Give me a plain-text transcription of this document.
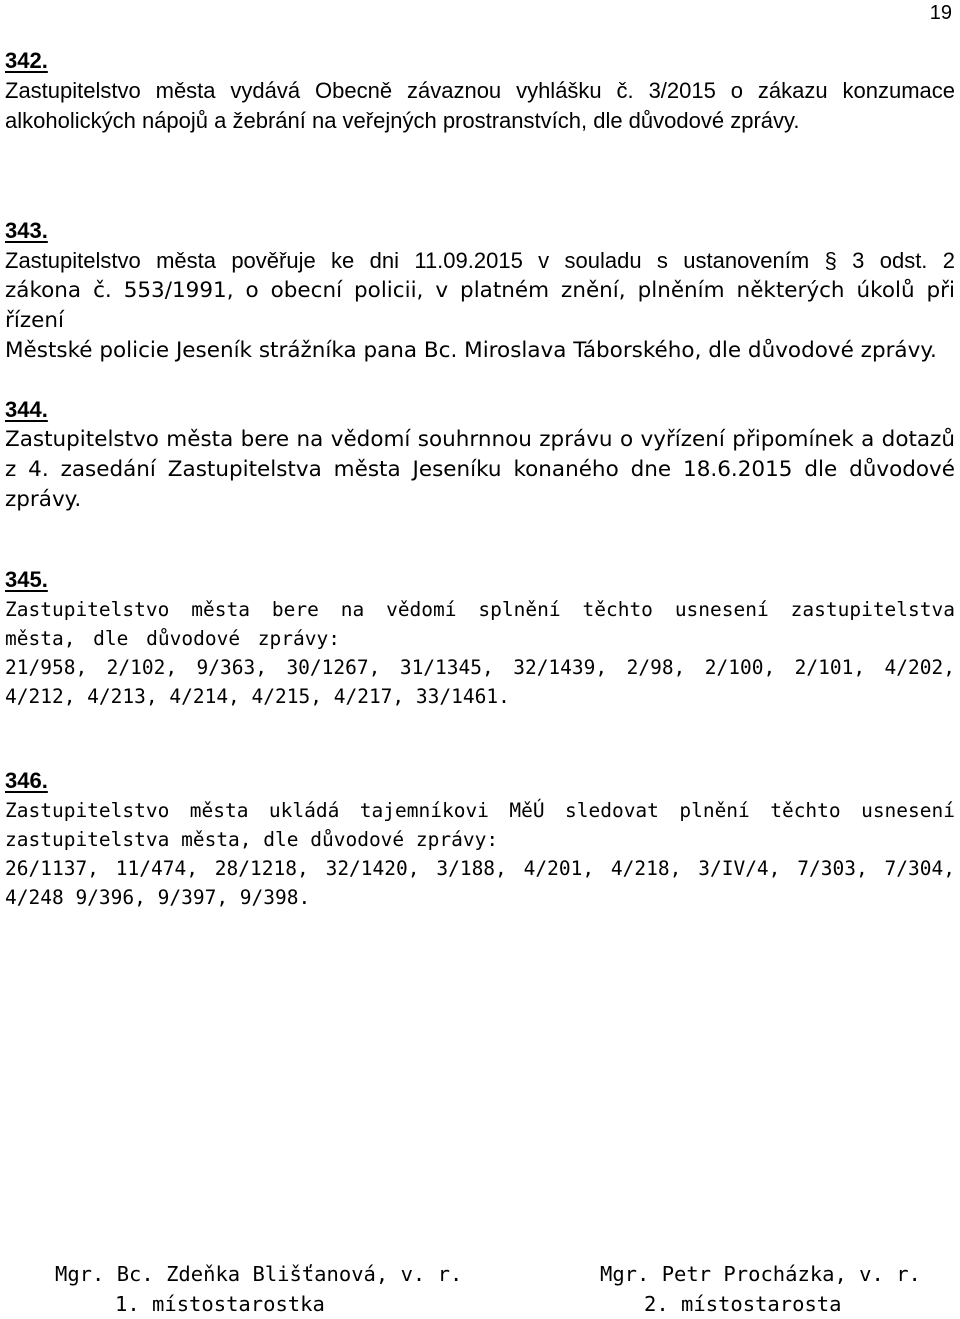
19
342.
Zastupitelstvo města vydává Obecně závaznou vyhlášku č. 3/2015 o zákazu konzumace alkoholických nápojů a žebrání na veřejných prostranstvích, dle důvodové zprávy.
343.
Zastupitelstvo města pověřuje ke dni 11.09.2015 v souladu s ustanovením § 3 odst. 2
zákona č. 553/1991, o obecní policii, v platném znění, plněním některých úkolů při řízení
Městské policie Jeseník strážníka pana Bc. Miroslava Táborského, dle důvodové zprávy.
344.
Zastupitelstvo města bere na vědomí souhrnnou zprávu o vyřízení připomínek a dotazů z 4. zasedání Zastupitelstva města Jeseníku konaného dne 18.6.2015 dle důvodové zprávy.
345.
Zastupitelstvo města bere na vědomí splnění těchto usnesení zastupitelstva města, dle důvodové zprávy:
21/958, 2/102, 9/363, 30/1267, 31/1345, 32/1439, 2/98, 2/100, 2/101, 4/202, 4/212, 4/213, 4/214, 4/215, 4/217, 33/1461.
346.
Zastupitelstvo města ukládá tajemníkovi MěÚ sledovat plnění těchto usnesení zastupitelstva města, dle důvodové zprávy:
26/1137, 11/474, 28/1218, 32/1420, 3/188, 4/201, 4/218, 3/IV/4, 7/303, 7/304, 4/248 9/396, 9/397, 9/398.
Mgr. Bc. Zdeňka Blišťanová, v. r.
1. místostarostka
Mgr. Petr Procházka, v. r.
2. místostarosta
